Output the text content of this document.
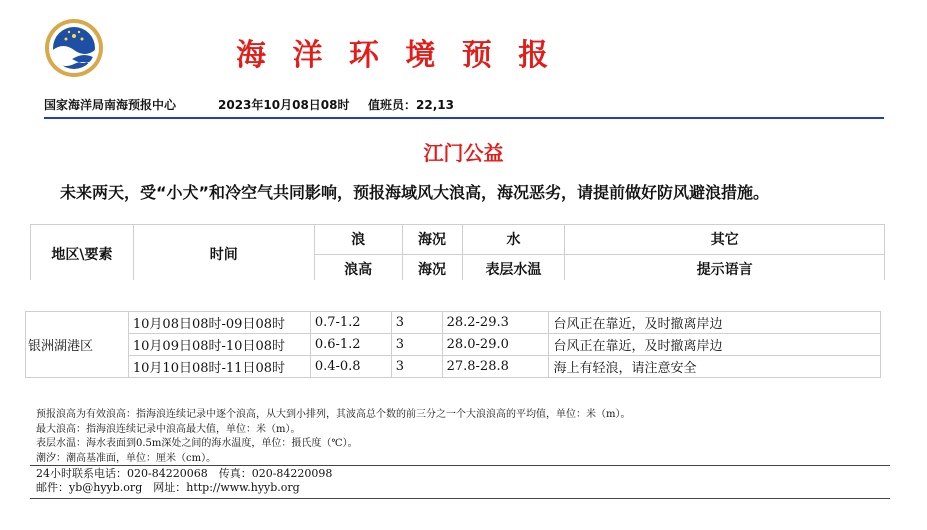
海 洋 环 境 预 报
国家海洋局南海预报中心	2023年10月08日08时 值班员：22,13
江门公益
未来两天，受“小犬”和冷空气共同影响，预报海域风大浪高，海况恶劣，请提前做好防风避浪措施。
地区\要素	时间	浪	海况	水	其它
		浪高	海况	表层水温	提示语言
银洲湖港区	10月08日08时-09日08时	0.7-1.2	3	28.2-29.3	台风正在靠近，及时撤离岸边
	10月09日08时-10日08时	0.6-1.2	3	28.0-29.0	台风正在靠近，及时撤离岸边
	10月10日08时-11日08时	0.4-0.8	3	27.8-28.8	海上有轻浪，请注意安全
预报浪高为有效浪高：指海浪连续记录中逐个浪高，从大到小排列，其波高总个数的前三分之一个大浪浪高的平均值，单位：米（m）。
最大浪高：指海浪连续记录中浪高最大值，单位：米（m）。
表层水温：海水表面到0.5m深处之间的海水温度，单位：摄氏度（℃）。
潮汐：潮高基准面，单位：厘米（cm）。
24小时联系电话：020-84220068　传真：020-84220098
邮件：yb@hyyb.org　网址：http://www.hyyb.org
